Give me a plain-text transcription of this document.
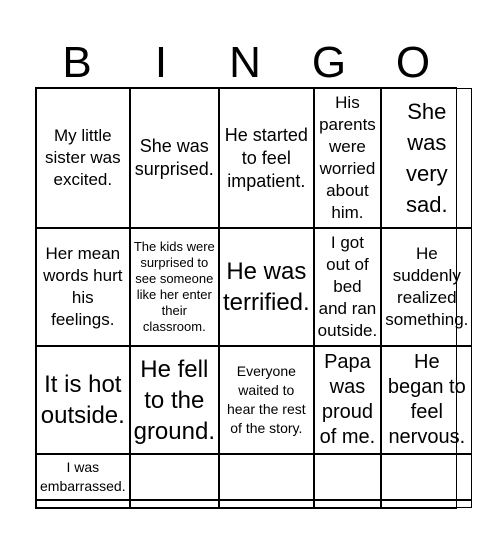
B	I	N	G	O
My little sister was excited.
She was surprised.
He started to feel impatient.
His parents were worried about him.
She was very sad.
Her mean words hurt his feelings.
The kids were surprised to see someone like her enter their classroom.
He was terrified.
I got out of bed and ran outside.
He suddenly realized something.
It is hot outside.
He fell to the ground.
Everyone waited to hear the rest of the story.
Papa was proud of me.
He began to feel nervous.
I was embarrassed.
